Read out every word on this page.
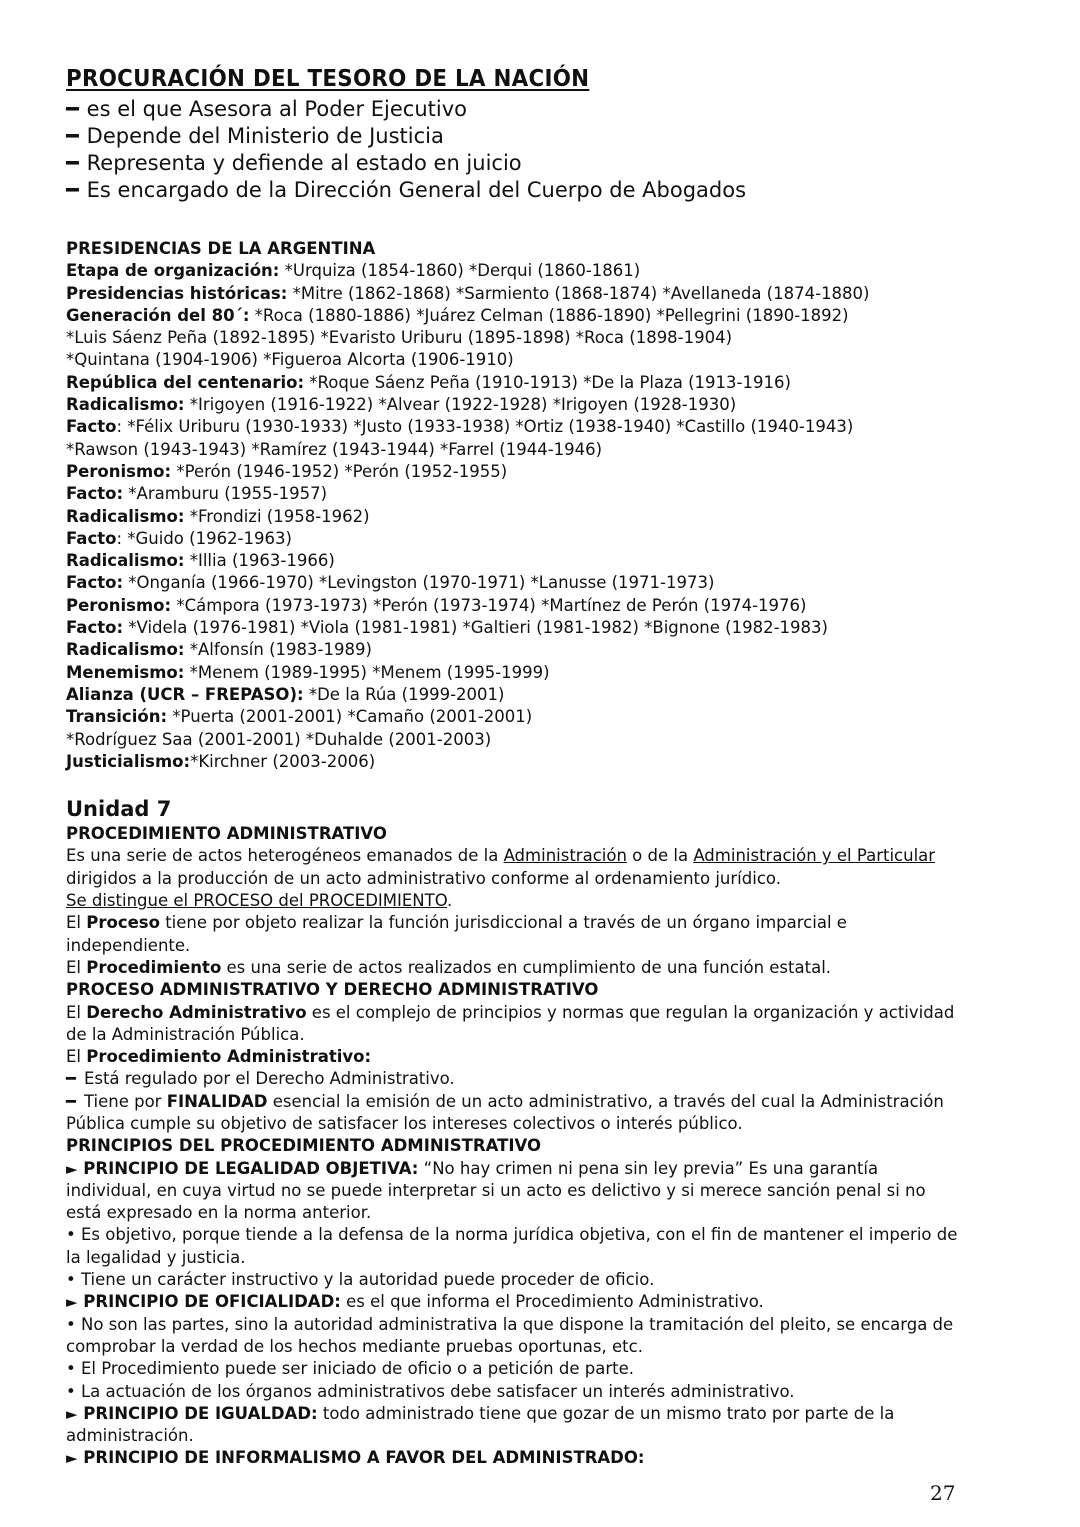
PROCURACIÓN DEL TESORO DE LA NACIÓN
━ es el que Asesora al Poder Ejecutivo
━ Depende del Ministerio de Justicia
━ Representa y defiende al estado en juicio
━ Es encargado de la Dirección General del Cuerpo de Abogados
PRESIDENCIAS DE LA ARGENTINA
Etapa de organización: *Urquiza (1854-1860) *Derqui (1860-1861)
Presidencias históricas: *Mitre (1862-1868) *Sarmiento (1868-1874) *Avellaneda (1874-1880)
Generación del 80´: *Roca (1880-1886) *Juárez Celman (1886-1890) *Pellegrini (1890-1892)
*Luis Sáenz Peña (1892-1895) *Evaristo Uriburu (1895-1898) *Roca (1898-1904)
*Quintana (1904-1906) *Figueroa Alcorta (1906-1910)
República del centenario: *Roque Sáenz Peña (1910-1913) *De la Plaza (1913-1916)
Radicalismo: *Irigoyen (1916-1922) *Alvear (1922-1928) *Irigoyen (1928-1930)
Facto: *Félix Uriburu (1930-1933) *Justo (1933-1938) *Ortiz (1938-1940) *Castillo (1940-1943)
*Rawson (1943-1943) *Ramírez (1943-1944) *Farrel (1944-1946)
Peronismo: *Perón (1946-1952) *Perón (1952-1955)
Facto: *Aramburu (1955-1957)
Radicalismo: *Frondizi (1958-1962)
Facto: *Guido (1962-1963)
Radicalismo: *Illia (1963-1966)
Facto: *Onganía (1966-1970) *Levingston (1970-1971) *Lanusse (1971-1973)
Peronismo: *Cámpora (1973-1973) *Perón (1973-1974) *Martínez de Perón (1974-1976)
Facto: *Videla (1976-1981) *Viola (1981-1981) *Galtieri (1981-1982) *Bignone (1982-1983)
Radicalismo: *Alfonsín (1983-1989)
Menemismo: *Menem (1989-1995) *Menem (1995-1999)
Alianza (UCR – FREPASO): *De la Rúa (1999-2001)
Transición: *Puerta (2001-2001) *Camaño (2001-2001)
*Rodríguez Saa (2001-2001) *Duhalde (2001-2003)
Justicialismo:*Kirchner (2003-2006)
Unidad 7
PROCEDIMIENTO ADMINISTRATIVO
Es una serie de actos heterogéneos emanados de la Administración o de la Administración y el Particular dirigidos a la producción de un acto administrativo conforme al ordenamiento jurídico.
Se distingue el PROCESO del PROCEDIMIENTO.
El Proceso tiene por objeto realizar la función jurisdiccional a través de un órgano imparcial e independiente.
El Procedimiento es una serie de actos realizados en cumplimiento de una función estatal.
PROCESO ADMINISTRATIVO Y DERECHO ADMINISTRATIVO
El Derecho Administrativo es el complejo de principios y normas que regulan la organización y actividad de la Administración Pública.
El Procedimiento Administrativo:
━ Está regulado por el Derecho Administrativo.
━ Tiene por FINALIDAD esencial la emisión de un acto administrativo, a través del cual la Administración Pública cumple su objetivo de satisfacer los intereses colectivos o interés público.
PRINCIPIOS DEL PROCEDIMIENTO ADMINISTRATIVO
► PRINCIPIO DE LEGALIDAD OBJETIVA: “No hay crimen ni pena sin ley previa” Es una garantía individual, en cuya virtud no se puede interpretar si un acto es delictivo y si merece sanción penal si no está expresado en la norma anterior.
• Es objetivo, porque tiende a la defensa de la norma jurídica objetiva, con el fin de mantener el imperio de la legalidad y justicia.
• Tiene un carácter instructivo y la autoridad puede proceder de oficio.
► PRINCIPIO DE OFICIALIDAD: es el que informa el Procedimiento Administrativo.
• No son las partes, sino la autoridad administrativa la que dispone la tramitación del pleito, se encarga de comprobar la verdad de los hechos mediante pruebas oportunas, etc.
• El Procedimiento puede ser iniciado de oficio o a petición de parte.
• La actuación de los órganos administrativos debe satisfacer un interés administrativo.
► PRINCIPIO DE IGUALDAD: todo administrado tiene que gozar de un mismo trato por parte de la administración.
► PRINCIPIO DE INFORMALISMO A FAVOR DEL ADMINISTRADO:
27
